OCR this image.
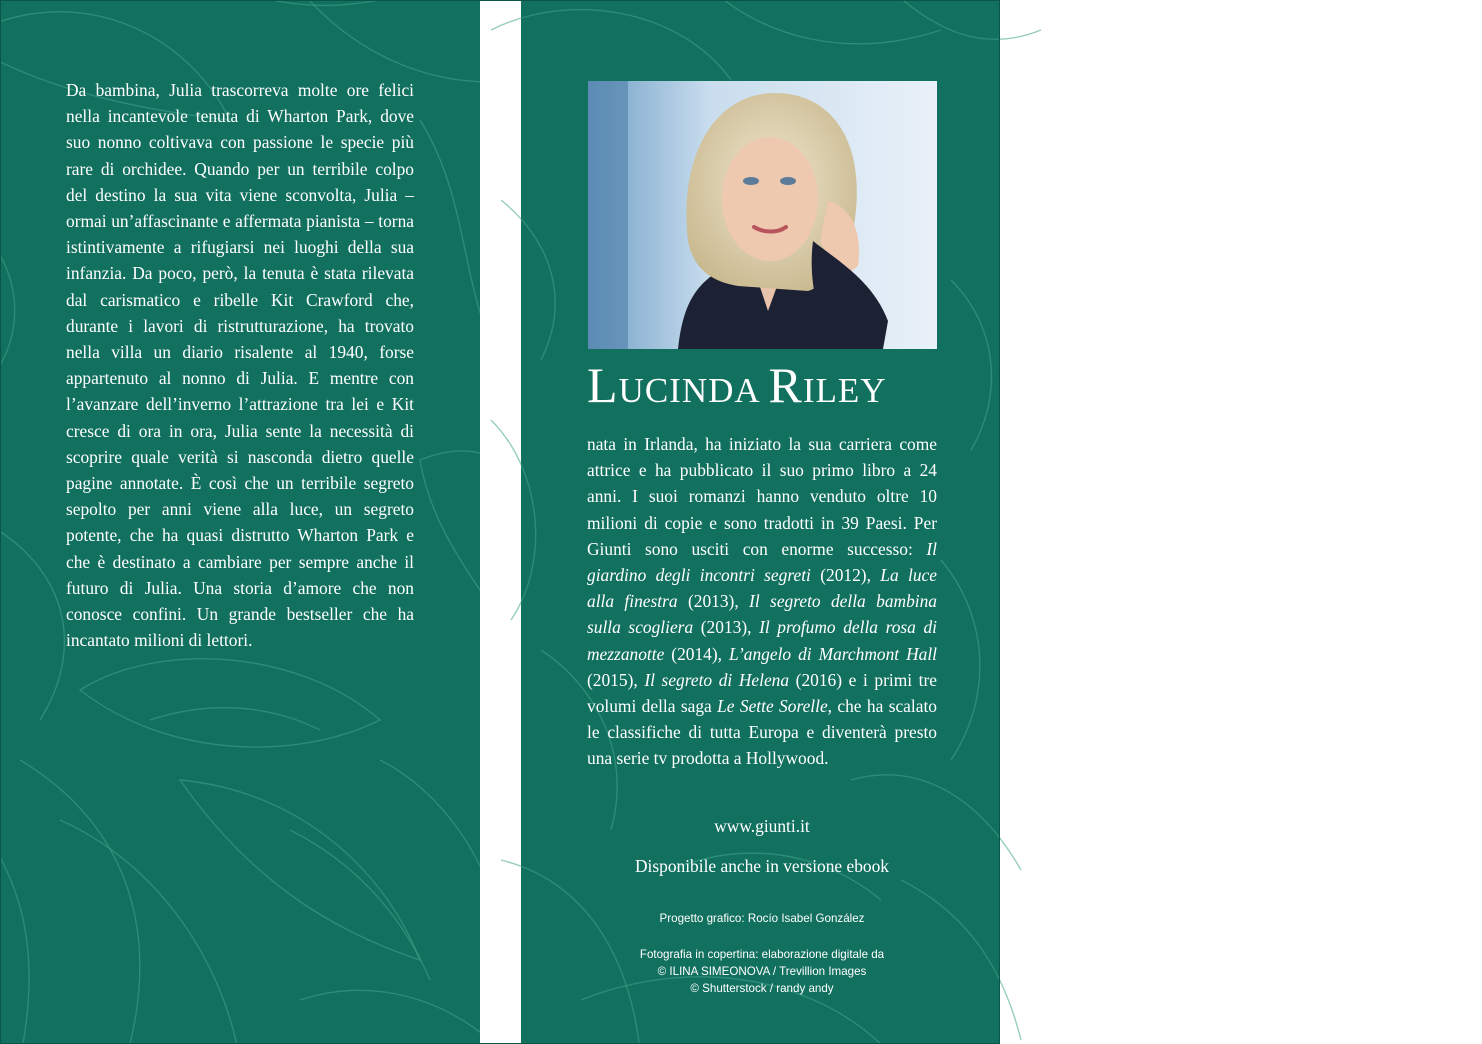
Da bambina, Julia trascorreva molte ore felici nella incantevole tenuta di Wharton Park, dove suo nonno coltivava con passione le specie più rare di orchidee. Quando per un terribile colpo del destino la sua vita viene sconvolta, Julia – ormai un’affascinante e affermata pianista – torna istintivamente a rifugiarsi nei luoghi della sua infanzia. Da poco, però, la tenuta è stata rilevata dal carismatico e ribelle Kit Crawford che, durante i lavori di ristrutturazione, ha trovato nella villa un diario risalente al 1940, forse appartenuto al nonno di Julia. E mentre con l’avanzare dell’inverno l’attrazione tra lei e Kit cresce di ora in ora, Julia sente la necessità di scoprire quale verità si nasconda dietro quelle pagine annotate. È così che un terribile segreto sepolto per anni viene alla luce, un segreto potente, che ha quasi distrutto Wharton Park e che è destinato a cambiare per sempre anche il futuro di Julia. Una storia d’amore che non conosce confini. Un grande bestseller che ha incantato milioni di lettori.

© Astrid Waller
LUCINDA RILEY

nata in Irlanda, ha iniziato la sua carriera come attrice e ha pubblicato il suo primo libro a 24 anni. I suoi romanzi hanno venduto oltre 10 milioni di copie e sono tradotti in 39 Paesi. Per Giunti sono usciti con enorme successo: Il giardino degli incontri segreti (2012), La luce alla finestra (2013), Il segreto della bambina sulla scogliera (2013), Il profumo della rosa di mezzanotte (2014), L’angelo di Marchmont Hall (2015), Il segreto di Helena (2016) e i primi tre volumi della saga Le Sette Sorelle, che ha scalato le classifiche di tutta Europa e diventerà presto una serie tv prodotta a Hollywood.

www.giunti.it

Disponibile anche in versione ebook

Progetto grafico: Rocío Isabel González

Fotografia in copertina: elaborazione digitale da
© ILINA SIMEONOVA / Trevillion Images
© Shutterstock / randy andy
